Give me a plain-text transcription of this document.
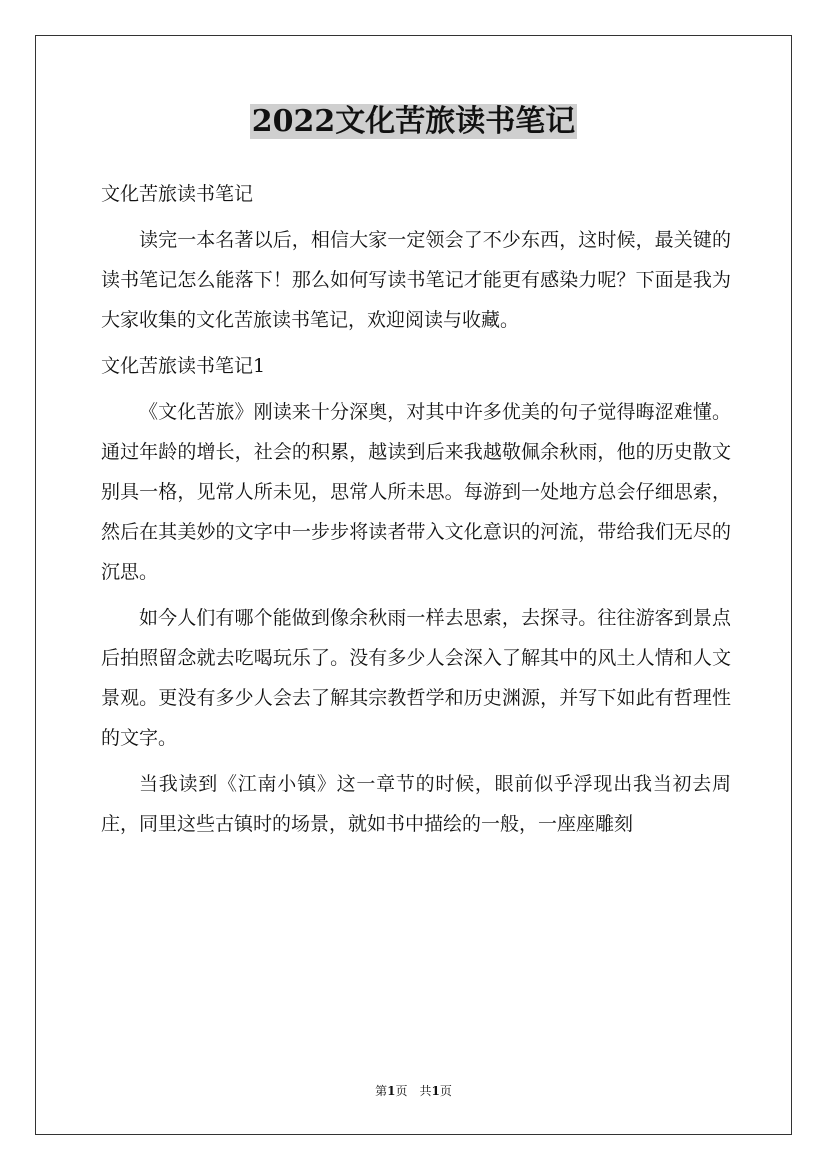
2022文化苦旅读书笔记

文化苦旅读书笔记

读完一本名著以后，相信大家一定领会了不少东西，这时候，最关键的读书笔记怎么能落下！那么如何写读书笔记才能更有感染力呢？下面是我为大家收集的文化苦旅读书笔记，欢迎阅读与收藏。

文化苦旅读书笔记1

《文化苦旅》刚读来十分深奥，对其中许多优美的句子觉得晦涩难懂。通过年龄的增长，社会的积累，越读到后来我越敬佩余秋雨，他的历史散文别具一格，见常人所未见，思常人所未思。每游到一处地方总会仔细思索，然后在其美妙的文字中一步步将读者带入文化意识的河流，带给我们无尽的沉思。

如今人们有哪个能做到像余秋雨一样去思索，去探寻。往往游客到景点后拍照留念就去吃喝玩乐了。没有多少人会深入了解其中的风土人情和人文景观。更没有多少人会去了解其宗教哲学和历史渊源，并写下如此有哲理性的文字。

当我读到《江南小镇》这一章节的时候，眼前似乎浮现出我当初去周庄，同里这些古镇时的场景，就如书中描绘的一般，一座座雕刻

第1页　共1页
